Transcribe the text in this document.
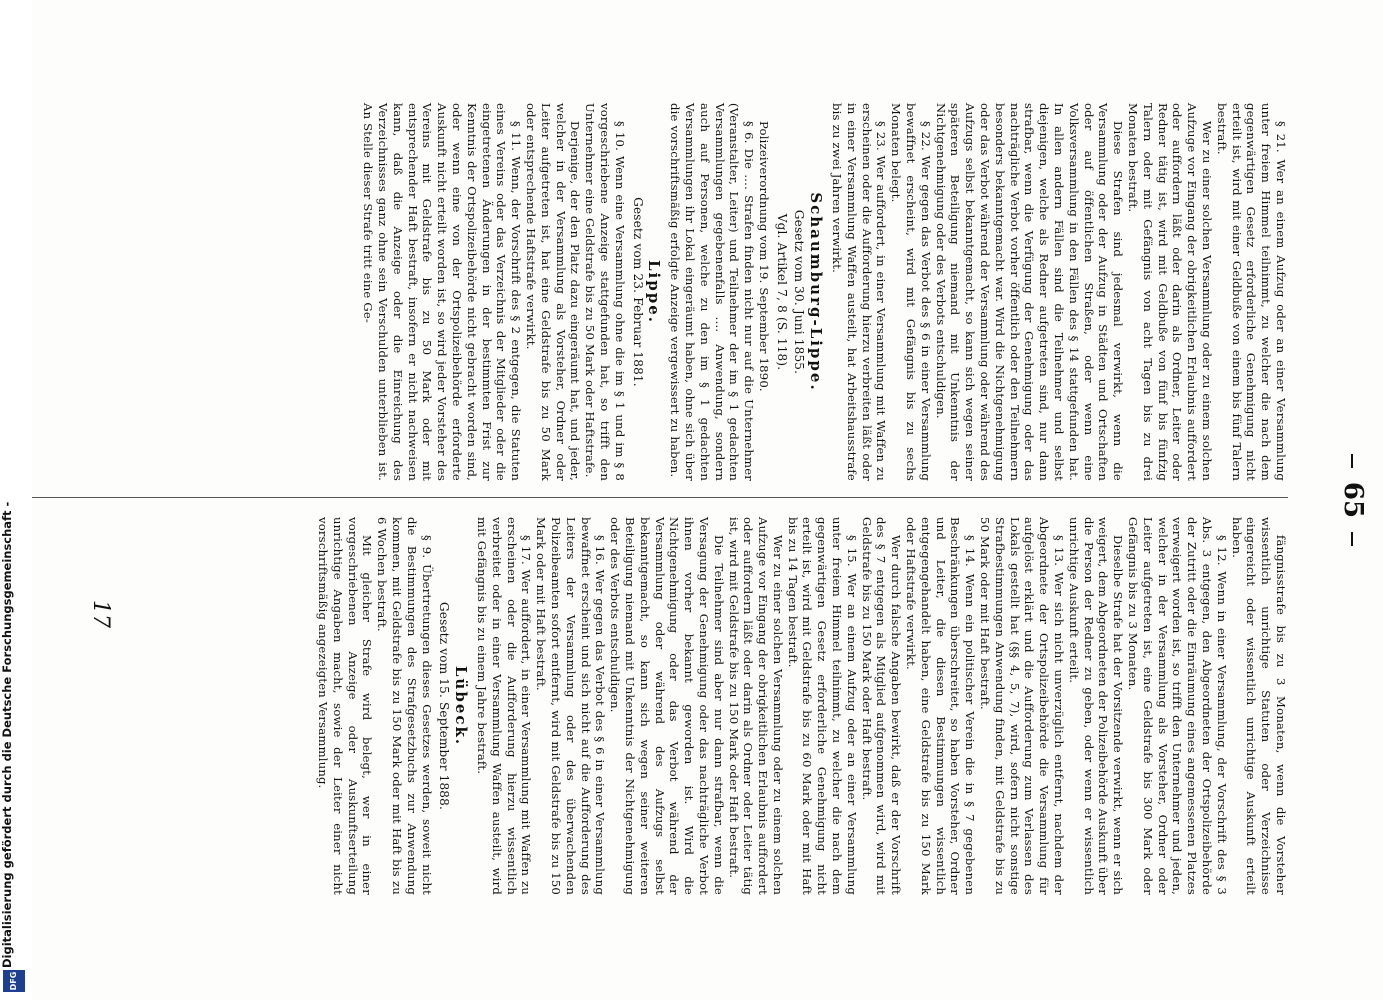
65

§ 21. Wer an einem Aufzug oder an einer Versammlung unter freiem Himmel teilnimmt, zu welcher die nach dem gegenwärtigen Gesetz erforderliche Genehmigung nicht erteilt ist, wird mit einer Geldbuße von einem bis fünf Talern bestraft.

Wer zu einer solchen Versammlung oder zu einem solchen Aufzuge vor Eingang der obrigkeitlichen Erlaubnis auffordert oder auffordern läßt oder darin als Ordner, Leiter oder Redner tätig ist, wird mit Geldbuße von fünf bis fünfzig Talern oder mit Gefängnis von acht Tagen bis zu drei Monaten bestraft.

Diese Strafen sind jedesmal verwirkt, wenn die Versammlung oder der Aufzug in Städten und Ortschaften oder auf öffentlichen Straßen, oder wenn eine Volksversammlung in den Fällen des § 14 stattgefunden hat. In allen andern Fällen sind die Teilnehmer und selbst diejenigen, welche als Redner aufgetreten sind, nur dann strafbar, wenn die Verfügung der Genehmigung oder das nachträgliche Verbot vorher öffentlich oder den Teilnehmern besonders bekanntgemacht war. Wird die Nichtgenehmigung oder das Verbot während der Versammlung oder während des Aufzugs selbst bekanntgemacht, so kann sich wegen seiner späteren Beteiligung niemand mit Unkenntnis der Nichtgenehmigung oder des Verbots entschuldigen.

§ 22. Wer gegen das Verbot des § 6 in einer Versammlung bewaffnet erscheint, wird mit Gefängnis bis zu sechs Monaten belegt.

§ 23. Wer auffordert, in einer Versammlung mit Waffen zu erscheinen oder die Aufforderung hierzu verbreiten läßt oder in einer Versammlung Waffen austeilt, hat Arbeitshausstrafe bis zu zwei Jahren verwirkt.

Schaumburg-Lippe.

Gesetz vom 30. Juni 1855.

Vgl. Artikel 7, 8 (S. 118).

Polizeiverordnung vom 19. September 1890.

§ 6. Die .... Strafen finden nicht nur auf die Unternehmer (Veranstalter, Leiter) und Teilnehmer der im § 1 gedachten Versammlungen gegebenenfalls .... Anwendung, sondern auch auf Personen, welche zu den im § 1 gedachten Versammlungen ihr Lokal eingeräumt haben, ohne sich über die vorschriftsmäßig erfolgte Anzeige vergewissert zu haben.

Lippe.

Gesetz vom 23. Februar 1881.

§ 10. Wenn eine Versammlung ohne die im § 1 und im § 8 vorgeschriebene Anzeige stattgefunden hat, so trifft den Unternehmer eine Geldstrafe bis zu 50 Mark oder Haftstrafe.

Derjenige, der den Platz dazu eingeräumt hat, und jeder, welcher in der Versammlung als Vorsteher, Ordner oder Leiter aufgetreten ist, hat eine Geldstrafe bis zu 50 Mark oder entsprechende Haftstrafe verwirkt.

§ 11. Wenn, der Vorschrift des § 2 entgegen, die Statuten eines Vereins oder das Verzeichnis der Mitglieder oder die eingetretenen Änderungen in der bestimmten Frist zur Kenntnis der Ortspolizeibehörde nicht gebracht worden sind, oder wenn eine von der Ortspolizeibehörde erforderte Auskunft nicht erteilt worden ist, so wird jeder Vorsteher des Vereins mit Geldstrafe bis zu 50 Mark oder mit entsprechender Haft bestraft, insofern er nicht nachweisen kann, daß die Anzeige oder die Einreichung des Verzeichnisses ganz ohne sein Verschulden unterblieben ist. An Stelle dieser Strafe tritt eine Ge-

fängnisstrafe bis zu 3 Monaten, wenn die Vorsteher wissentlich unrichtige Statuten oder Verzeichnisse eingereicht oder wissentlich unrichtige Auskunft erteilt haben.

§ 12. Wenn in einer Versammlung, der Vorschrift des § 3 Abs. 3 entgegen, den Abgeordneten der Ortspolizeibehörde der Zutritt oder die Einräumung eines angemessenen Platzes verweigert worden ist, so trifft den Unternehmer und jeden, welcher in der Versammlung als Vorsteher, Ordner oder Leiter aufgetreten ist, eine Geldstrafe bis 300 Mark oder Gefängnis bis zu 3 Monaten.

Dieselbe Strafe hat der Vorsitzende verwirkt, wenn er sich weigert, dem Abgeordneten der Polizeibehörde Auskunft über die Person der Redner zu geben, oder wenn er wissentlich unrichtige Auskunft erteilt.

§ 13. Wer sich nicht unverzüglich entfernt, nachdem der Abgeordnete der Ortspolizeibehörde die Versammlung für aufgelöst erklärt und die Aufforderung zum Verlassen des Lokals gestellt hat (§§ 4, 5, 7), wird, sofern nicht sonstige Strafbestimmungen Anwendung finden, mit Geldstrafe bis zu 50 Mark oder mit Haft bestraft.

§ 14. Wenn ein politischer Verein die in § 7 gegebenen Beschränkungen überschreitet, so haben Vorsteher, Ordner und Leiter, die diesen Bestimmungen wissentlich entgegengehandelt haben, eine Geldstrafe bis zu 150 Mark oder Haftstrafe verwirkt.

Wer durch falsche Angaben bewirkt, daß er der Vorschrift des § 7 entgegen als Mitglied aufgenommen wird, wird mit Geldstrafe bis zu 150 Mark oder Haft bestraft.

§ 15. Wer an einem Aufzug oder an einer Versammlung unter freiem Himmel teilnimmt, zu welcher die nach dem gegenwärtigen Gesetz erforderliche Genehmigung nicht erteilt ist, wird mit Geldstrafe bis zu 60 Mark oder mit Haft bis zu 14 Tagen bestraft.

Wer zu einer solchen Versammlung oder zu einem solchen Aufzuge vor Eingang der obrigkeitlichen Erlaubnis auffordert oder auffordern läßt oder darin als Ordner oder Leiter tätig ist, wird mit Geldstrafe bis zu 150 Mark oder Haft bestraft.

Die Teilnehmer sind aber nur dann strafbar, wenn die Versagung der Genehmigung oder das nachträgliche Verbot ihnen vorher bekannt geworden ist. Wird die Nichtgenehmigung oder das Verbot während der Versammlung oder während des Aufzugs selbst bekanntgemacht, so kann sich wegen seiner weiteren Beteiligung niemand mit Unkenntnis der Nichtgenehmigung oder des Verbots entschuldigen.

§ 16. Wer gegen das Verbot des § 6 in einer Versammlung bewaffnet erscheint und sich nicht auf die Aufforderung des Leiters der Versammlung oder des überwachenden Polizeibeamten sofort entfernt, wird mit Geldstrafe bis zu 150 Mark oder mit Haft bestraft.

§ 17. Wer auffordert, in einer Versammlung mit Waffen zu erscheinen oder die Aufforderung hierzu wissentlich verbreitet oder in einer Versammlung Waffen austeilt, wird mit Gefängnis bis zu einem Jahre bestraft.

Lübeck.

Gesetz vom 15. September 1888.

§ 9. Übertretungen dieses Gesetzes werden, soweit nicht die Bestimmungen des Strafgesetzbuchs zur Anwendung kommen, mit Geldstrafe bis zu 150 Mark oder mit Haft bis zu 6 Wochen bestraft.

Mit gleicher Strafe wird belegt, wer in einer vorgeschriebenen Anzeige oder Auskunftserteilung unrichtige Angaben macht, sowie der Leiter einer nicht vorschriftsmäßig angezeigten Versammlung.

17
Digitalisierung gefördert durch die Deutsche Forschungsgemeinschaft -
DFG
